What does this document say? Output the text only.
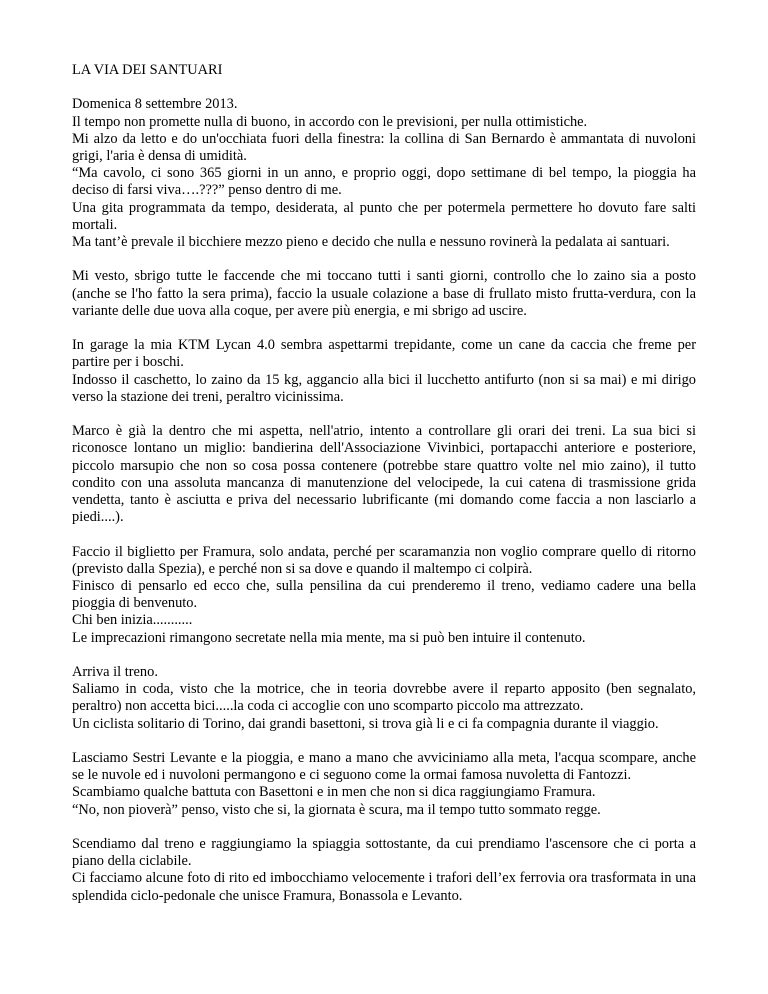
LA VIA DEI SANTUARI
Domenica 8 settembre 2013.
Il tempo non promette nulla di buono, in accordo con le previsioni, per nulla ottimistiche.
Mi alzo da letto e do un'occhiata fuori della finestra: la collina di San Bernardo è ammantata di nuvoloni grigi, l'aria è densa di umidità.
“Ma cavolo, ci sono 365 giorni in un anno, e proprio oggi, dopo settimane di bel tempo, la pioggia ha deciso di farsi viva….???” penso dentro di me.
Una gita programmata da tempo, desiderata, al punto che per potermela permettere ho dovuto fare salti mortali.
Ma tant’è prevale il bicchiere mezzo pieno e decido che nulla e nessuno rovinerà la pedalata ai santuari.
Mi vesto, sbrigo tutte le faccende che mi toccano tutti i santi giorni, controllo che lo zaino sia a posto (anche se l'ho fatto la sera prima), faccio la usuale colazione a base di frullato misto frutta-verdura, con la variante delle due uova alla coque, per avere più energia, e mi sbrigo ad uscire.
In garage la mia KTM Lycan 4.0 sembra aspettarmi trepidante, come un cane da caccia che freme per partire per i boschi.
Indosso il caschetto, lo zaino da 15 kg, aggancio alla bici il lucchetto antifurto (non si sa mai) e mi dirigo verso la stazione dei treni, peraltro vicinissima.
Marco è già la dentro che mi aspetta, nell'atrio, intento a controllare gli orari dei treni. La sua bici si riconosce lontano un miglio: bandierina dell'Associazione Vivinbici, portapacchi anteriore e posteriore, piccolo marsupio che non so cosa possa contenere (potrebbe stare quattro volte nel mio zaino), il tutto condito con una assoluta mancanza di manutenzione del velocipede, la cui catena di trasmissione grida vendetta, tanto è asciutta e priva del necessario lubrificante (mi domando come faccia a non lasciarlo a piedi....).
Faccio il biglietto per Framura, solo andata, perché per scaramanzia non voglio comprare quello di ritorno (previsto dalla Spezia), e perché non si sa dove e quando il maltempo ci colpirà.
Finisco di pensarlo ed ecco che, sulla pensilina da cui prenderemo il treno, vediamo cadere una bella pioggia di benvenuto.
Chi ben inizia...........
Le imprecazioni rimangono secretate nella mia mente, ma si può ben intuire il contenuto.
Arriva il treno.
Saliamo in coda, visto che la motrice, che in teoria dovrebbe avere il reparto apposito (ben segnalato, peraltro) non accetta bici.....la coda ci accoglie con uno scomparto piccolo ma attrezzato.
Un ciclista solitario di Torino, dai grandi basettoni, si trova già li e ci fa compagnia durante il viaggio.
Lasciamo Sestri Levante e la pioggia, e mano a mano che avviciniamo alla meta, l'acqua scompare, anche se le nuvole ed i nuvoloni permangono e ci seguono come la ormai famosa nuvoletta di Fantozzi.
Scambiamo qualche battuta con Basettoni e in men che non si dica raggiungiamo Framura.
“No, non pioverà” penso, visto che si, la giornata è scura, ma il tempo tutto sommato regge.
Scendiamo dal treno e raggiungiamo la spiaggia sottostante, da cui prendiamo l'ascensore che ci porta a piano della ciclabile.
Ci facciamo alcune foto di rito ed imbocchiamo velocemente i trafori dell’ex ferrovia ora trasformata in una splendida ciclo-pedonale che unisce Framura, Bonassola e Levanto.
